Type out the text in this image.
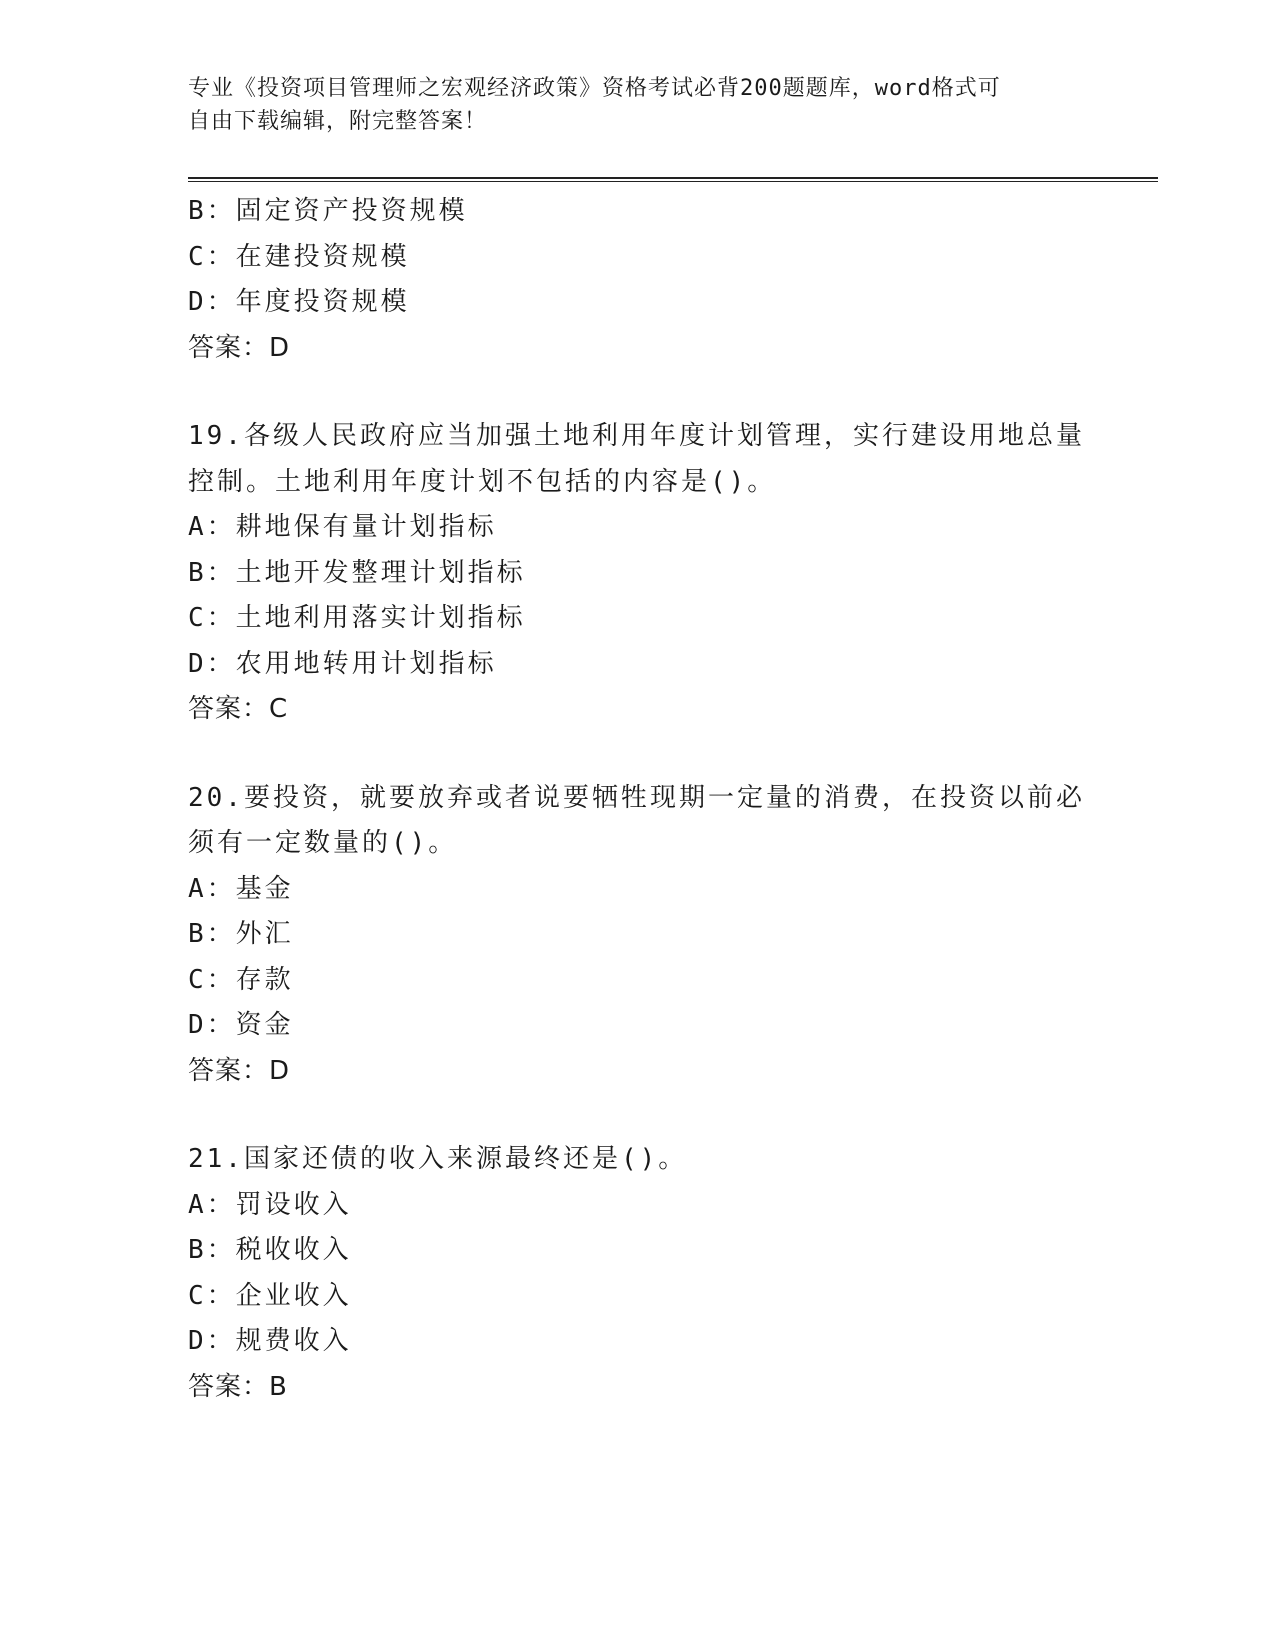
专业《投资项目管理师之宏观经济政策》资格考试必背200题题库，word格式可
自由下载编辑，附完整答案！
B：固定资产投资规模
C：在建投资规模
D：年度投资规模
答案：D
19.各级人民政府应当加强土地利用年度计划管理，实行建设用地总量
控制。土地利用年度计划不包括的内容是()。
A：耕地保有量计划指标
B：土地开发整理计划指标
C：土地利用落实计划指标
D：农用地转用计划指标
答案：C
20.要投资，就要放弃或者说要牺牲现期一定量的消费，在投资以前必
须有一定数量的()。
A：基金
B：外汇
C：存款
D：资金
答案：D
21.国家还债的收入来源最终还是()。
A：罚设收入
B：税收收入
C：企业收入
D：规费收入
答案：B
